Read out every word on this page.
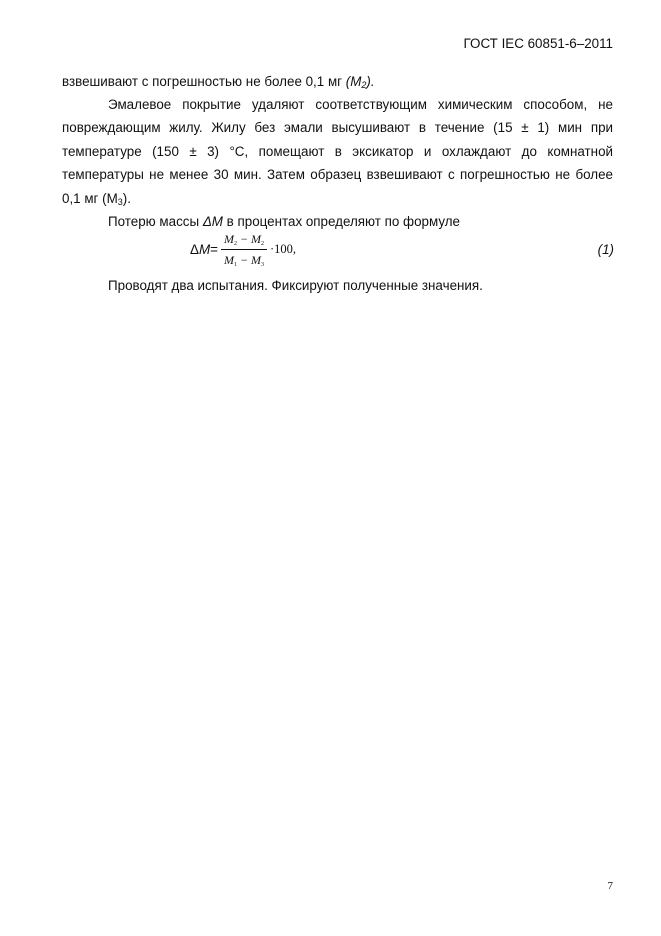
ГОСТ IEC 60851-6–2011
взвешивают с погрешностью не более 0,1 мг $(M_2)$.
Эмалевое покрытие удаляют соответствующим химическим способом, не повреждающим жилу. Жилу без эмали высушивают в течение (15 ± 1) мин при температуре (150 ± 3) °С, помещают в эксикатор и охлаждают до комнатной температуры не менее 30 мин. Затем образец взвешивают с погрешностью не более 0,1 мг $(M_3)$.
Потерю массы ΔM в процентах определяют по формуле
ΔM=
$M_2 - M_2$
$M_1 - M_3$
·100,	(1)
Проводят два испытания. Фиксируют полученные значения.
7
